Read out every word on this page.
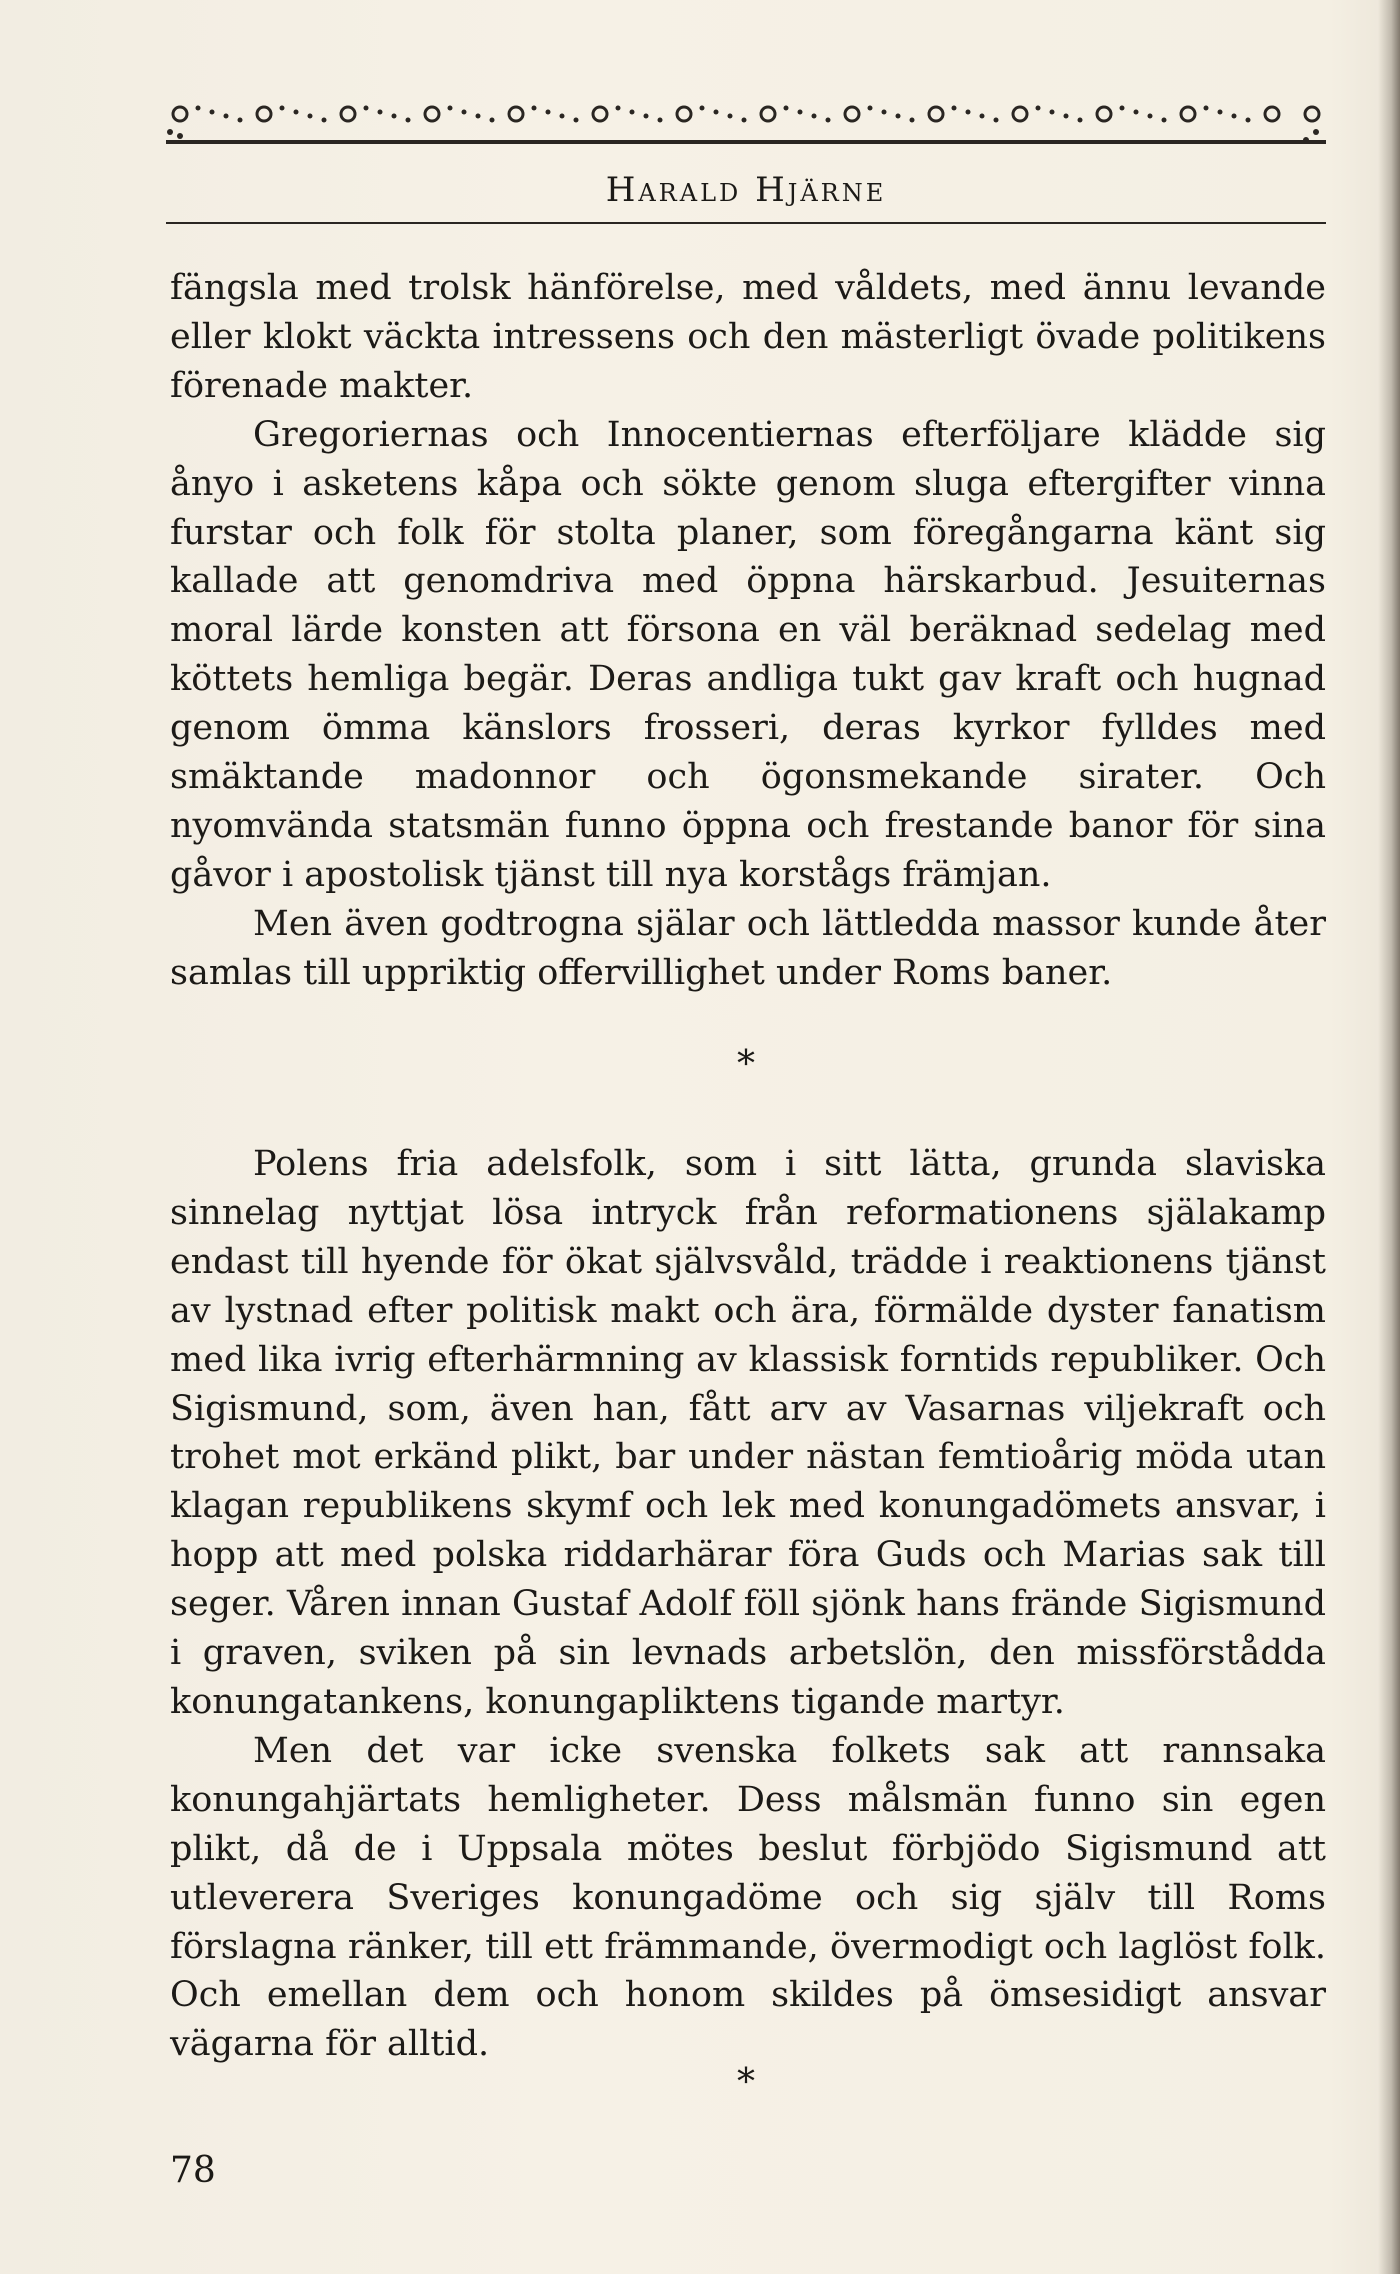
Harald Hjärne

fängsla med trolsk hänförelse, med våldets, med ännu levande eller klokt väckta intressens och den mästerligt övade politikens förenade makter.

Gregoriernas och Innocentiernas efterföljare klädde sig ånyo i asketens kåpa och sökte genom sluga eftergifter vinna furstar och folk för stolta planer, som föregångarna känt sig kallade att genomdriva med öppna härskarbud. Jesuiternas moral lärde konsten att försona en väl beräknad sedelag med köttets hemliga begär. Deras andliga tukt gav kraft och hugnad genom ömma känslors frosseri, deras kyrkor fylldes med smäktande madonnor och ögonsmekande sirater. Och nyomvända statsmän funno öppna och frestande banor för sina gåvor i apostolisk tjänst till nya korstågs främjan.

Men även godtrogna själar och lättledda massor kunde åter samlas till uppriktig offervillighet under Roms baner.

*

Polens fria adelsfolk, som i sitt lätta, grunda slaviska sinnelag nyttjat lösa intryck från reformationens själakamp endast till hyende för ökat självsvåld, trädde i reaktionens tjänst av lystnad efter politisk makt och ära, förmälde dyster fanatism med lika ivrig efterhärmning av klassisk forntids republiker. Och Sigismund, som, även han, fått arv av Vasarnas viljekraft och trohet mot erkänd plikt, bar under nästan femtioårig möda utan klagan republikens skymf och lek med konungadömets ansvar, i hopp att med polska riddarhärar föra Guds och Marias sak till seger. Våren innan Gustaf Adolf föll sjönk hans frände Sigismund i graven, sviken på sin levnads arbetslön, den missförstådda konungatankens, konungapliktens tigande martyr.

Men det var icke svenska folkets sak att rannsaka konungahjärtats hemligheter. Dess målsmän funno sin egen plikt, då de i Uppsala mötes beslut förbjödo Sigismund att utleverera Sveriges konungadöme och sig själv till Roms förslagna ränker, till ett främmande, övermodigt och laglöst folk. Och emellan dem och honom skildes på ömsesidigt ansvar vägarna för alltid.

*
78
